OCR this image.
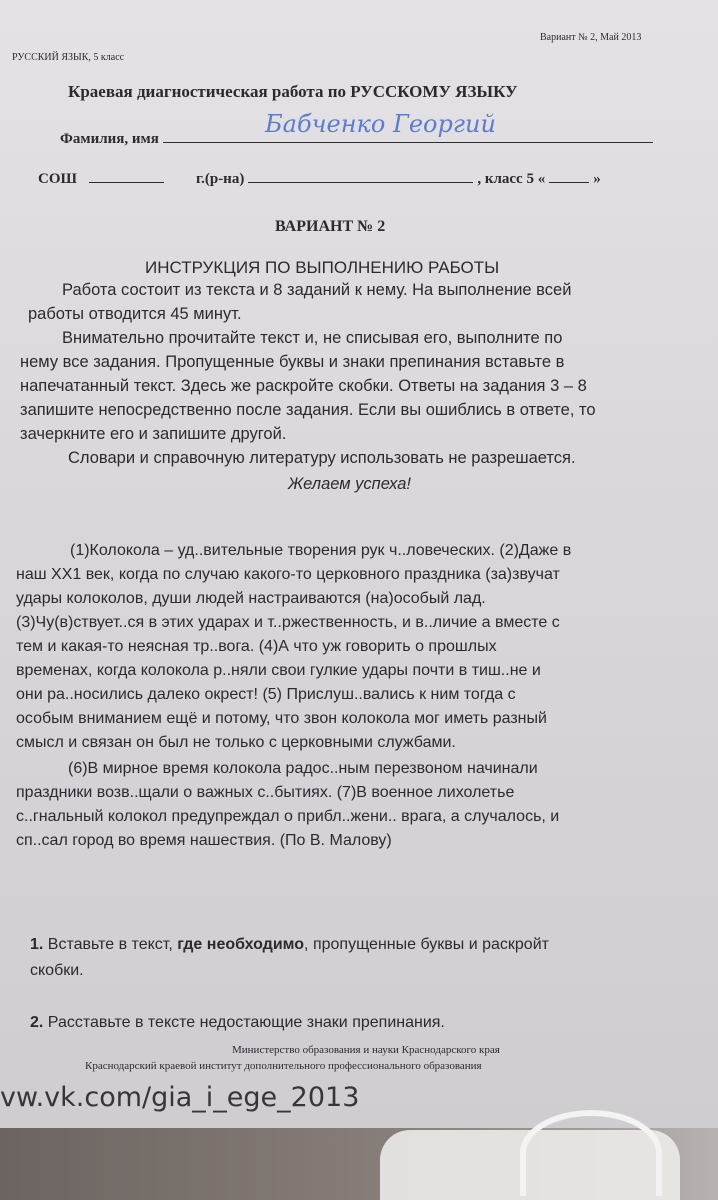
РУССКИЙ ЯЗЫК, 5 класс
Вариант № 2, Май 2013
Краевая диагностическая работа по РУССКОМУ ЯЗЫКУ
Фамилия, имя
Бабченко Георгий
СОШ	г.(р-на)	, класс 5 «	»
ВАРИАНТ № 2
ИНСТРУКЦИЯ ПО ВЫПОЛНЕНИЮ РАБОТЫ
Работа состоит из текста и 8 заданий к нему. На выполнение всей
работы отводится 45 минут.
Внимательно прочитайте текст и, не списывая его, выполните по
нему все задания. Пропущенные буквы и знаки препинания вставьте в
напечатанный текст. Здесь же раскройте скобки. Ответы на задания 3 – 8
запишите непосредственно после задания. Если вы ошиблись в ответе, то
зачеркните его и запишите другой.
Словари и справочную литературу использовать не разрешается.
Желаем успеха!
(1)Колокола – уд..вительные творения рук ч..ловеческих. (2)Даже в
наш XX1 век, когда по случаю какого-то церковного праздника (за)звучат
удары колоколов, души людей настраиваются (на)особый лад.
(3)Чу(в)ствует..ся в этих ударах и т..ржественность, и в..личие а вместе с
тем и какая-то неясная тр..вога. (4)А что уж говорить о прошлых
временах, когда колокола р..няли свои гулкие удары почти в тиш..не и
они ра..носились далеко окрест! (5) Прислуш..вались к ним тогда с
особым вниманием ещё и потому, что звон колокола мог иметь разный
смысл и связан он был не только с церковными службами.
(6)В мирное время колокола радос..ным перезвоном начинали
праздники возв..щали о важных с..бытиях. (7)В военное лихолетье
с..гнальный колокол предупреждал о прибл..жени.. врага, а случалось, и
сп..сал город во время нашествия. (По В. Малову)
1. Вставьте в текст, где необходимо, пропущенные буквы и раскройт
скобки.
2. Расставьте в тексте недостающие знаки препинания.
Министерство образования и науки Краснодарского края
Краснодарский краевой институт дополнительного профессионального образования
vw.vk.com/gia_i_ege_2013
